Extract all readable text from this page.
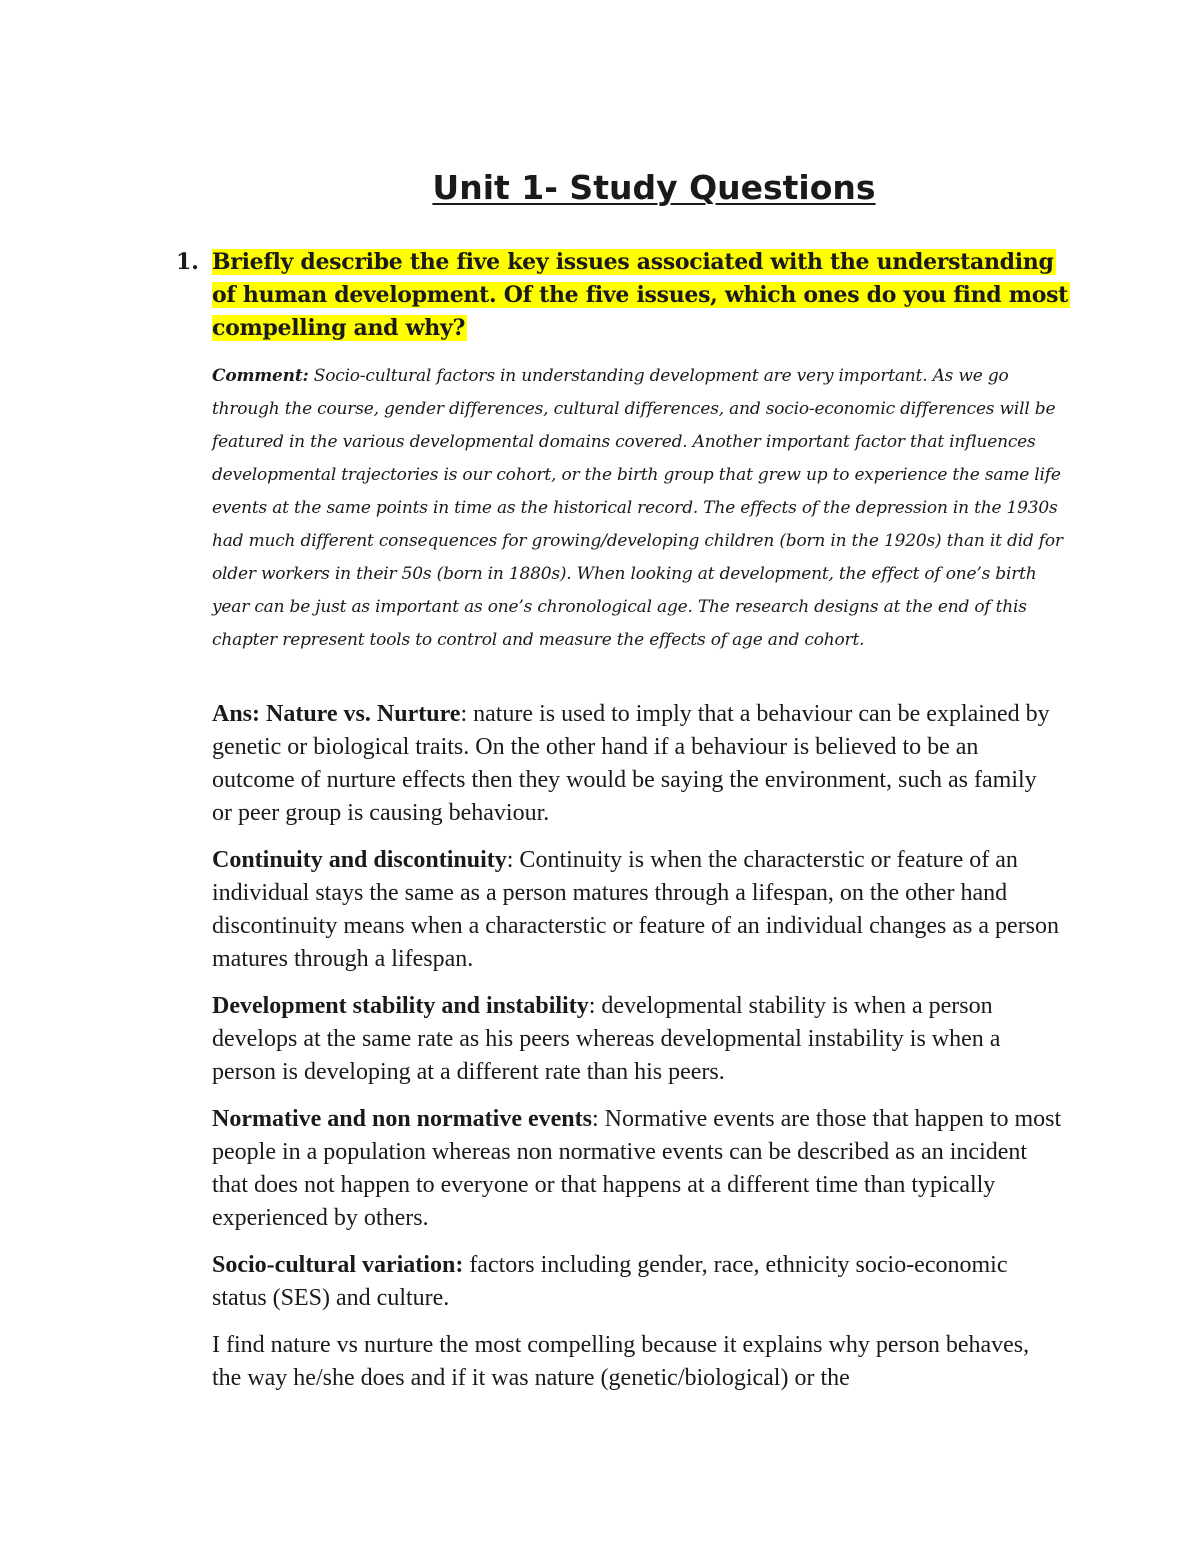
Unit 1- Study Questions
1. Briefly describe the five key issues associated with the understanding of human development. Of the five issues, which ones do you find most compelling and why?

Comment: Socio-cultural factors in understanding development are very important. As we go through the course, gender differences, cultural differences, and socio-economic differences will be featured in the various developmental domains covered. Another important factor that influences developmental trajectories is our cohort, or the birth group that grew up to experience the same life events at the same points in time as the historical record. The effects of the depression in the 1930s had much different consequences for growing/developing children (born in the 1920s) than it did for older workers in their 50s (born in 1880s). When looking at development, the effect of one’s birth year can be just as important as one’s chronological age. The research designs at the end of this chapter represent tools to control and measure the effects of age and cohort.

Ans: Nature vs. Nurture: nature is used to imply that a behaviour can be explained by genetic or biological traits. On the other hand if a behaviour is believed to be an outcome of nurture effects then they would be saying the environment, such as family or peer group is causing behaviour.

Continuity and discontinuity: Continuity is when the characterstic or feature of an individual stays the same as a person matures through a lifespan, on the other hand discontinuity means when a characterstic or feature of an individual changes as a person matures through a lifespan.

Development stability and instability: developmental stability is when a person develops at the same rate as his peers whereas developmental instability is when a person is developing at a different rate than his peers.

Normative and non normative events: Normative events are those that happen to most people in a population whereas non normative events can be described as an incident that does not happen to everyone or that happens at a different time than typically experienced by others.

Socio-cultural variation: factors including gender, race, ethnicity socio-economic status (SES) and culture.

I find nature vs nurture the most compelling because it explains why person behaves, the way he/she does and if it was nature (genetic/biological) or the
